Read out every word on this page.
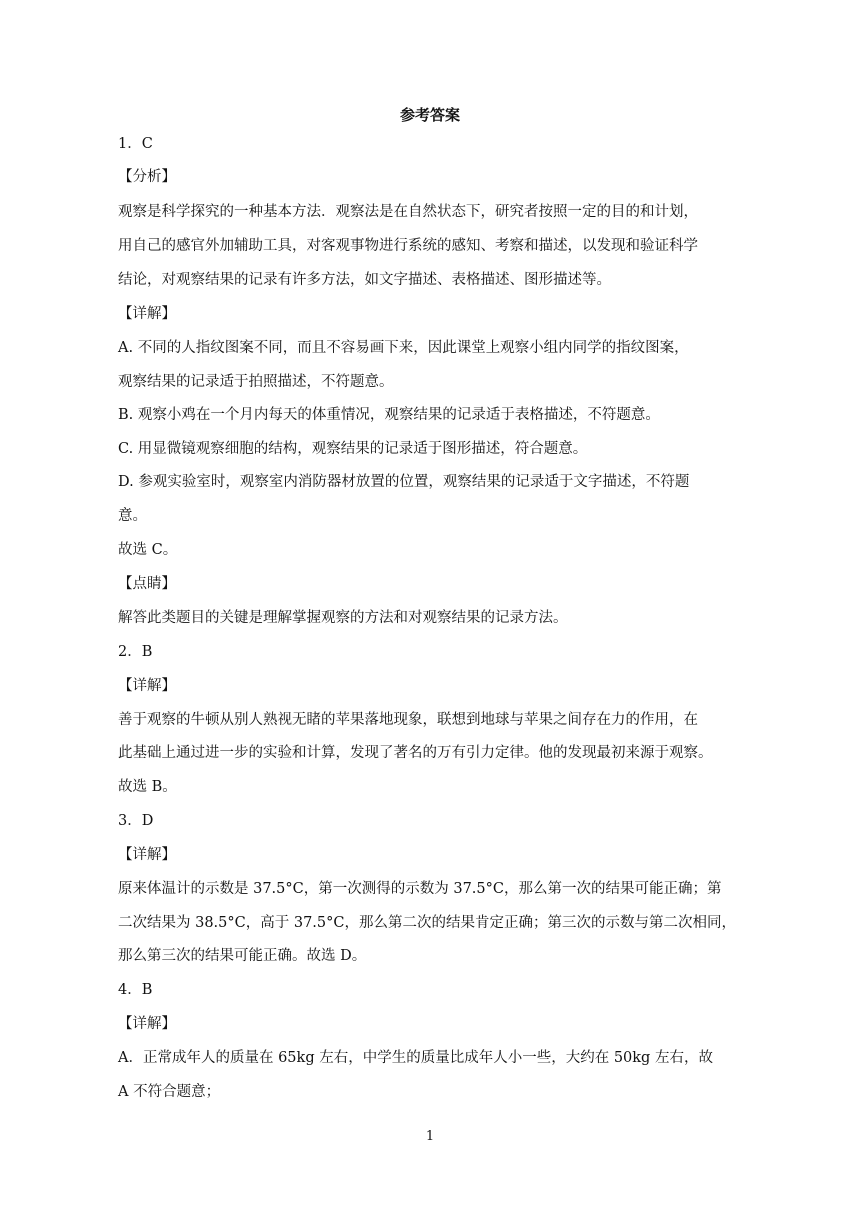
参考答案
1．C
【分析】
观察是科学探究的一种基本方法．观察法是在自然状态下，研究者按照一定的目的和计划，
用自己的感官外加辅助工具，对客观事物进行系统的感知、考察和描述，以发现和验证科学
结论，对观察结果的记录有许多方法，如文字描述、表格描述、图形描述等。
【详解】
A. 不同的人指纹图案不同，而且不容易画下来，因此课堂上观察小组内同学的指纹图案，
观察结果的记录适于拍照描述，不符题意。
B. 观察小鸡在一个月内每天的体重情况，观察结果的记录适于表格描述，不符题意。
C. 用显微镜观察细胞的结构，观察结果的记录适于图形描述，符合题意。
D. 参观实验室时，观察室内消防器材放置的位置，观察结果的记录适于文字描述，不符题
意。
故选 C。
【点睛】
解答此类题目的关键是理解掌握观察的方法和对观察结果的记录方法。
2．B
【详解】
善于观察的牛顿从别人熟视无睹的苹果落地现象，联想到地球与苹果之间存在力的作用，在
此基础上通过进一步的实验和计算，发现了著名的万有引力定律。他的发现最初来源于观察。
故选 B。
3．D
【详解】
原来体温计的示数是 37.5°C，第一次测得的示数为 37.5°C，那么第一次的结果可能正确；第
二次结果为 38.5°C，高于 37.5°C，那么第二次的结果肯定正确；第三次的示数与第二次相同，
那么第三次的结果可能正确。故选 D。
4．B
【详解】
A．正常成年人的质量在 65kg 左右，中学生的质量比成年人小一些，大约在 50kg 左右，故
A 不符合题意；
1
